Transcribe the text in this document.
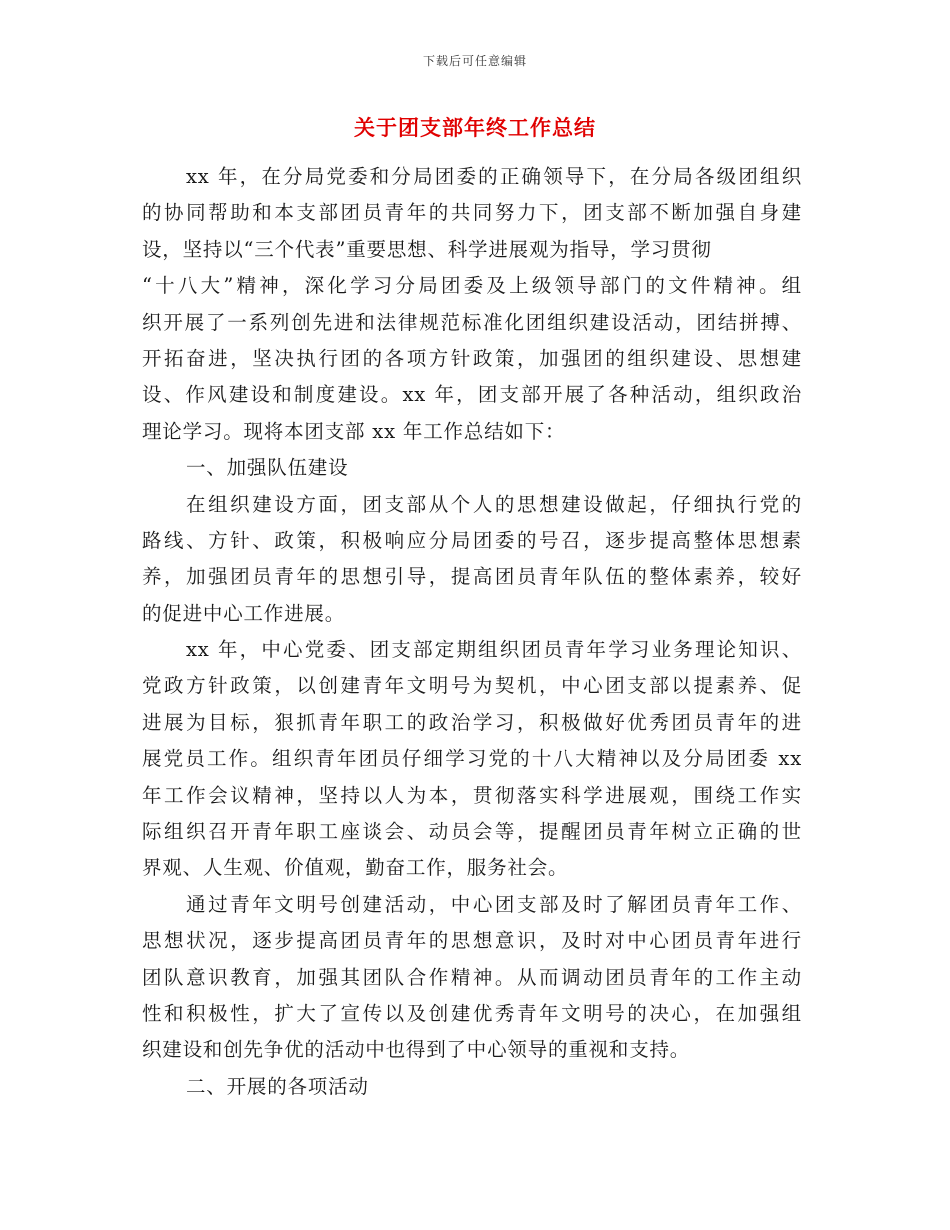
下载后可任意编辑
关于团支部年终工作总结
xx 年，在分局党委和分局团委的正确领导下，在分局各级团组织
的协同帮助和本支部团员青年的共同努力下，团支部不断加强自身建
设，坚持以“三个代表”重要思想、科学进展观为指导，学习贯彻
“十八大”精神，深化学习分局团委及上级领导部门的文件精神。组
织开展了一系列创先进和法律规范标准化团组织建设活动，团结拼搏、
开拓奋进，坚决执行团的各项方针政策，加强团的组织建设、思想建
设、作风建设和制度建设。xx 年，团支部开展了各种活动，组织政治
理论学习。现将本团支部 xx 年工作总结如下：
一、加强队伍建设
在组织建设方面，团支部从个人的思想建设做起，仔细执行党的
路线、方针、政策，积极响应分局团委的号召，逐步提高整体思想素
养，加强团员青年的思想引导，提高团员青年队伍的整体素养，较好
的促进中心工作进展。
xx 年，中心党委、团支部定期组织团员青年学习业务理论知识、
党政方针政策，以创建青年文明号为契机，中心团支部以提素养、促
进展为目标，狠抓青年职工的政治学习，积极做好优秀团员青年的进
展党员工作。组织青年团员仔细学习党的十八大精神以及分局团委 xx
年工作会议精神，坚持以人为本，贯彻落实科学进展观，围绕工作实
际组织召开青年职工座谈会、动员会等，提醒团员青年树立正确的世
界观、人生观、价值观，勤奋工作，服务社会。
通过青年文明号创建活动，中心团支部及时了解团员青年工作、
思想状况，逐步提高团员青年的思想意识，及时对中心团员青年进行
团队意识教育，加强其团队合作精神。从而调动团员青年的工作主动
性和积极性，扩大了宣传以及创建优秀青年文明号的决心，在加强组
织建设和创先争优的活动中也得到了中心领导的重视和支持。
二、开展的各项活动
